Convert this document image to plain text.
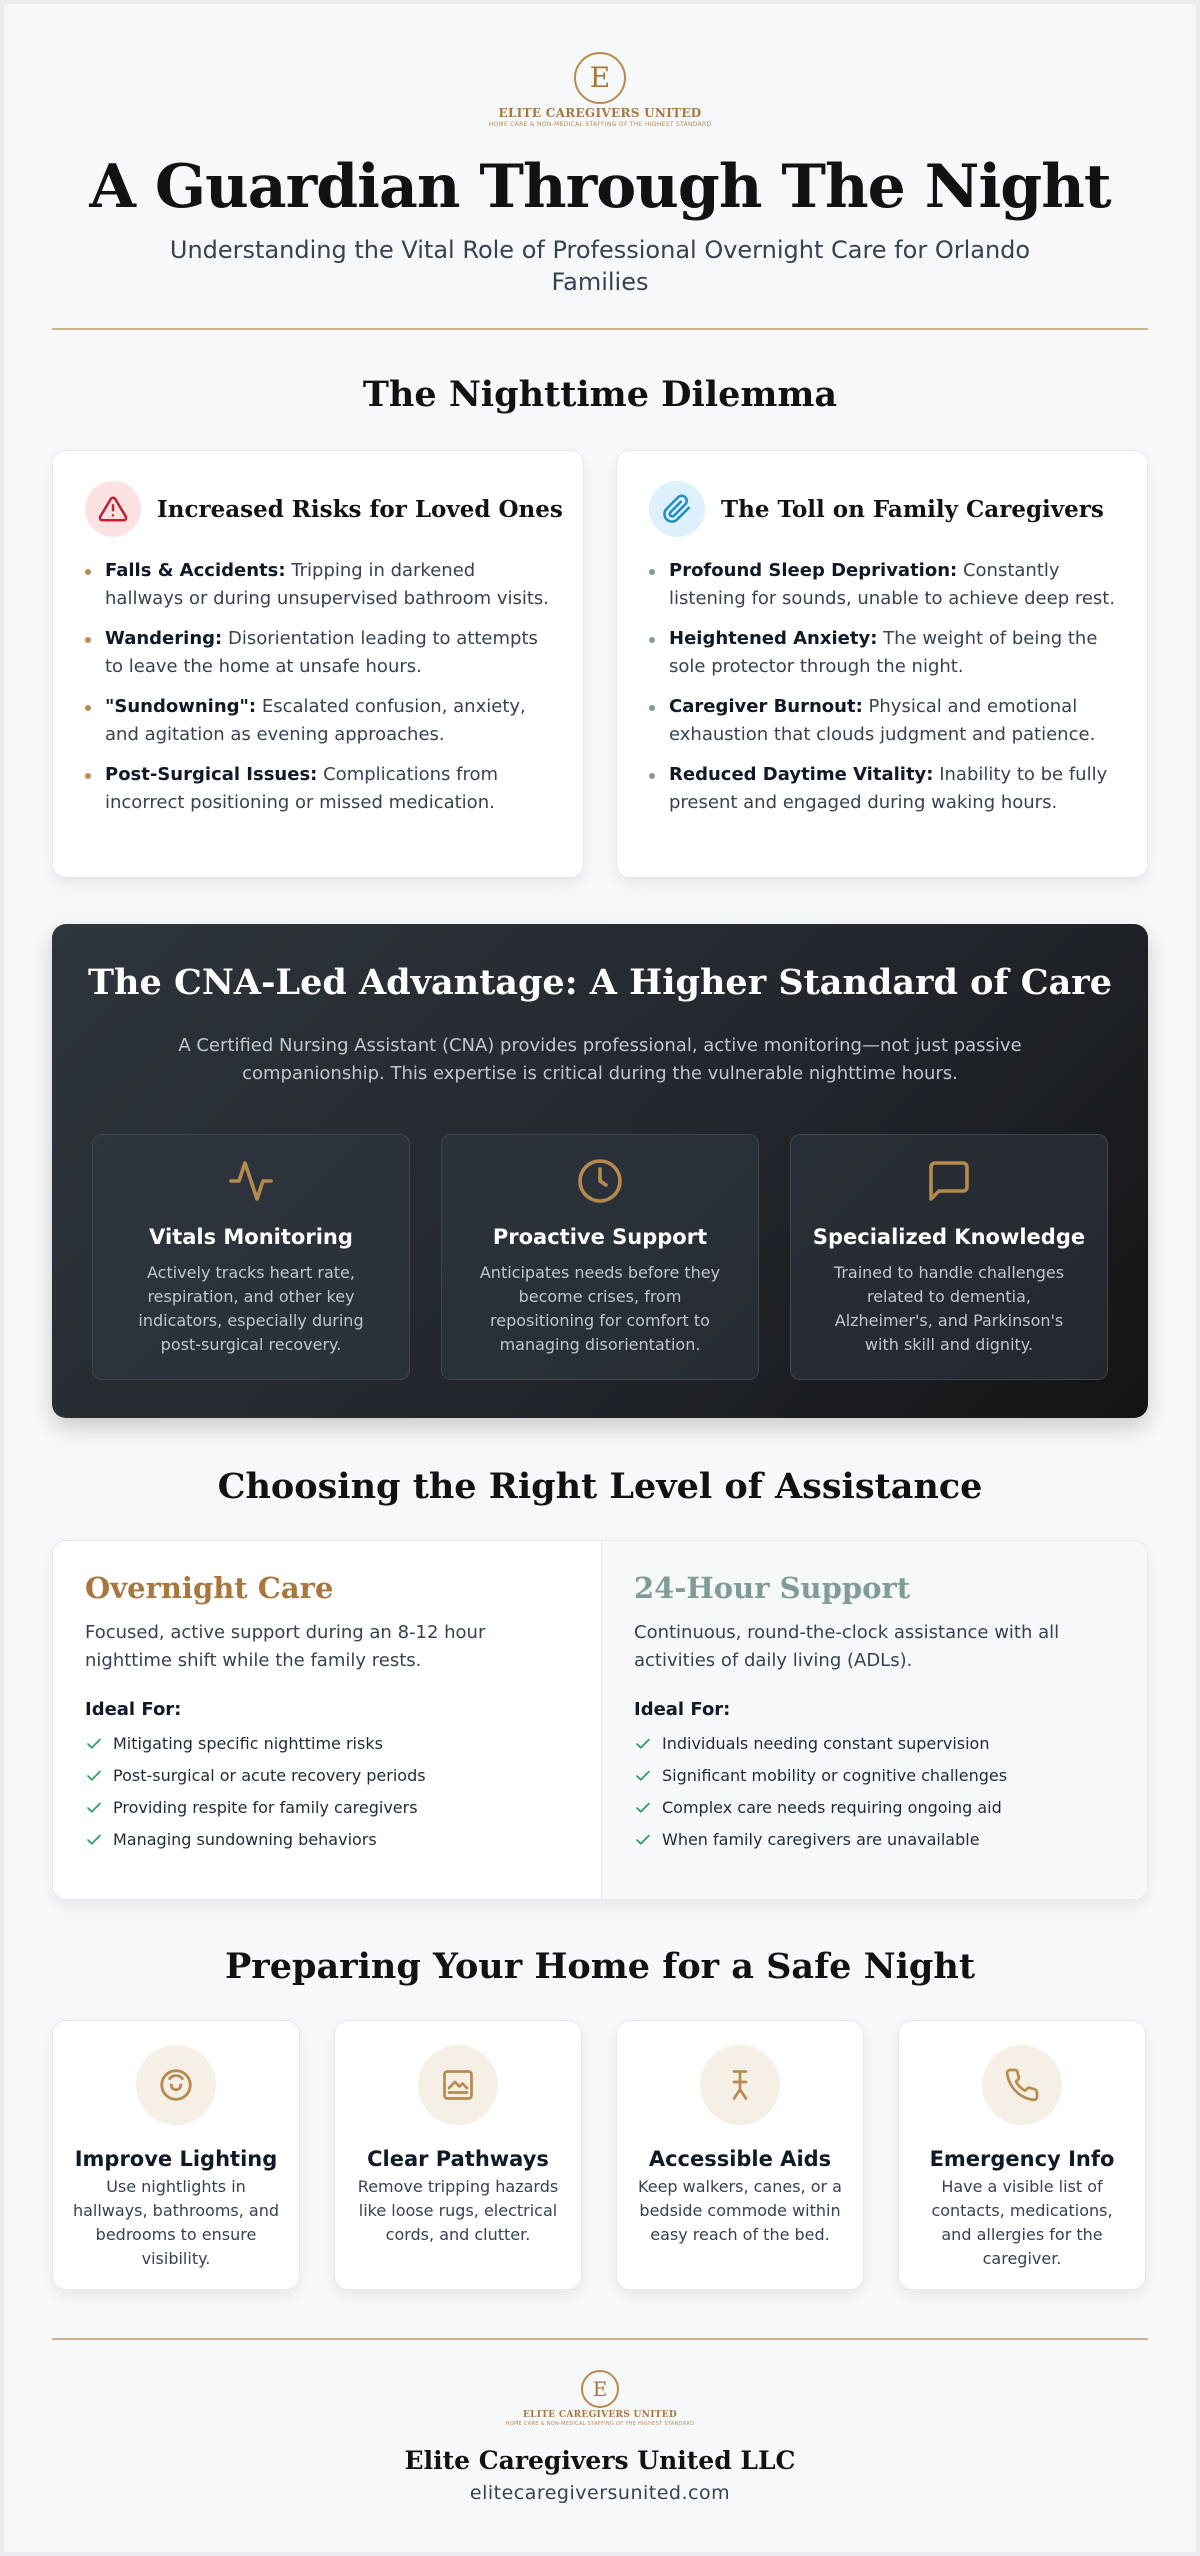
E
ELITE CAREGIVERS UNITED
HOME CARE & NON-MEDICAL STAFFING OF THE HIGHEST STANDARD
A Guardian Through The Night
Understanding the Vital Role of Professional Overnight Care for Orlando Families
The Nighttime Dilemma
Increased Risks for Loved Ones
Falls & Accidents: Tripping in darkened hallways or during unsupervised bathroom visits.
Wandering: Disorientation leading to attempts to leave the home at unsafe hours.
"Sundowning": Escalated confusion, anxiety, and agitation as evening approaches.
Post-Surgical Issues: Complications from incorrect positioning or missed medication.
The Toll on Family Caregivers
Profound Sleep Deprivation: Constantly listening for sounds, unable to achieve deep rest.
Heightened Anxiety: The weight of being the sole protector through the night.
Caregiver Burnout: Physical and emotional exhaustion that clouds judgment and patience.
Reduced Daytime Vitality: Inability to be fully present and engaged during waking hours.
The CNA-Led Advantage: A Higher Standard of Care
A Certified Nursing Assistant (CNA) provides professional, active monitoring—not just passive companionship. This expertise is critical during the vulnerable nighttime hours.
Vitals Monitoring
Actively tracks heart rate, respiration, and other key indicators, especially during post-surgical recovery.
Proactive Support
Anticipates needs before they become crises, from repositioning for comfort to managing disorientation.
Specialized Knowledge
Trained to handle challenges related to dementia, Alzheimer's, and Parkinson's with skill and dignity.
Choosing the Right Level of Assistance
Overnight Care
Focused, active support during an 8-12 hour nighttime shift while the family rests.
Ideal For:
Mitigating specific nighttime risks
Post-surgical or acute recovery periods
Providing respite for family caregivers
Managing sundowning behaviors
24-Hour Support
Continuous, round-the-clock assistance with all activities of daily living (ADLs).
Ideal For:
Individuals needing constant supervision
Significant mobility or cognitive challenges
Complex care needs requiring ongoing aid
When family caregivers are unavailable
Preparing Your Home for a Safe Night
Improve Lighting
Use nightlights in hallways, bathrooms, and bedrooms to ensure visibility.
Clear Pathways
Remove tripping hazards like loose rugs, electrical cords, and clutter.
Accessible Aids
Keep walkers, canes, or a bedside commode within easy reach of the bed.
Emergency Info
Have a visible list of contacts, medications, and allergies for the caregiver.
E
ELITE CAREGIVERS UNITED
HOME CARE & NON-MEDICAL STAFFING OF THE HIGHEST STANDARD
Elite Caregivers United LLC
elitecaregiversunited.com
